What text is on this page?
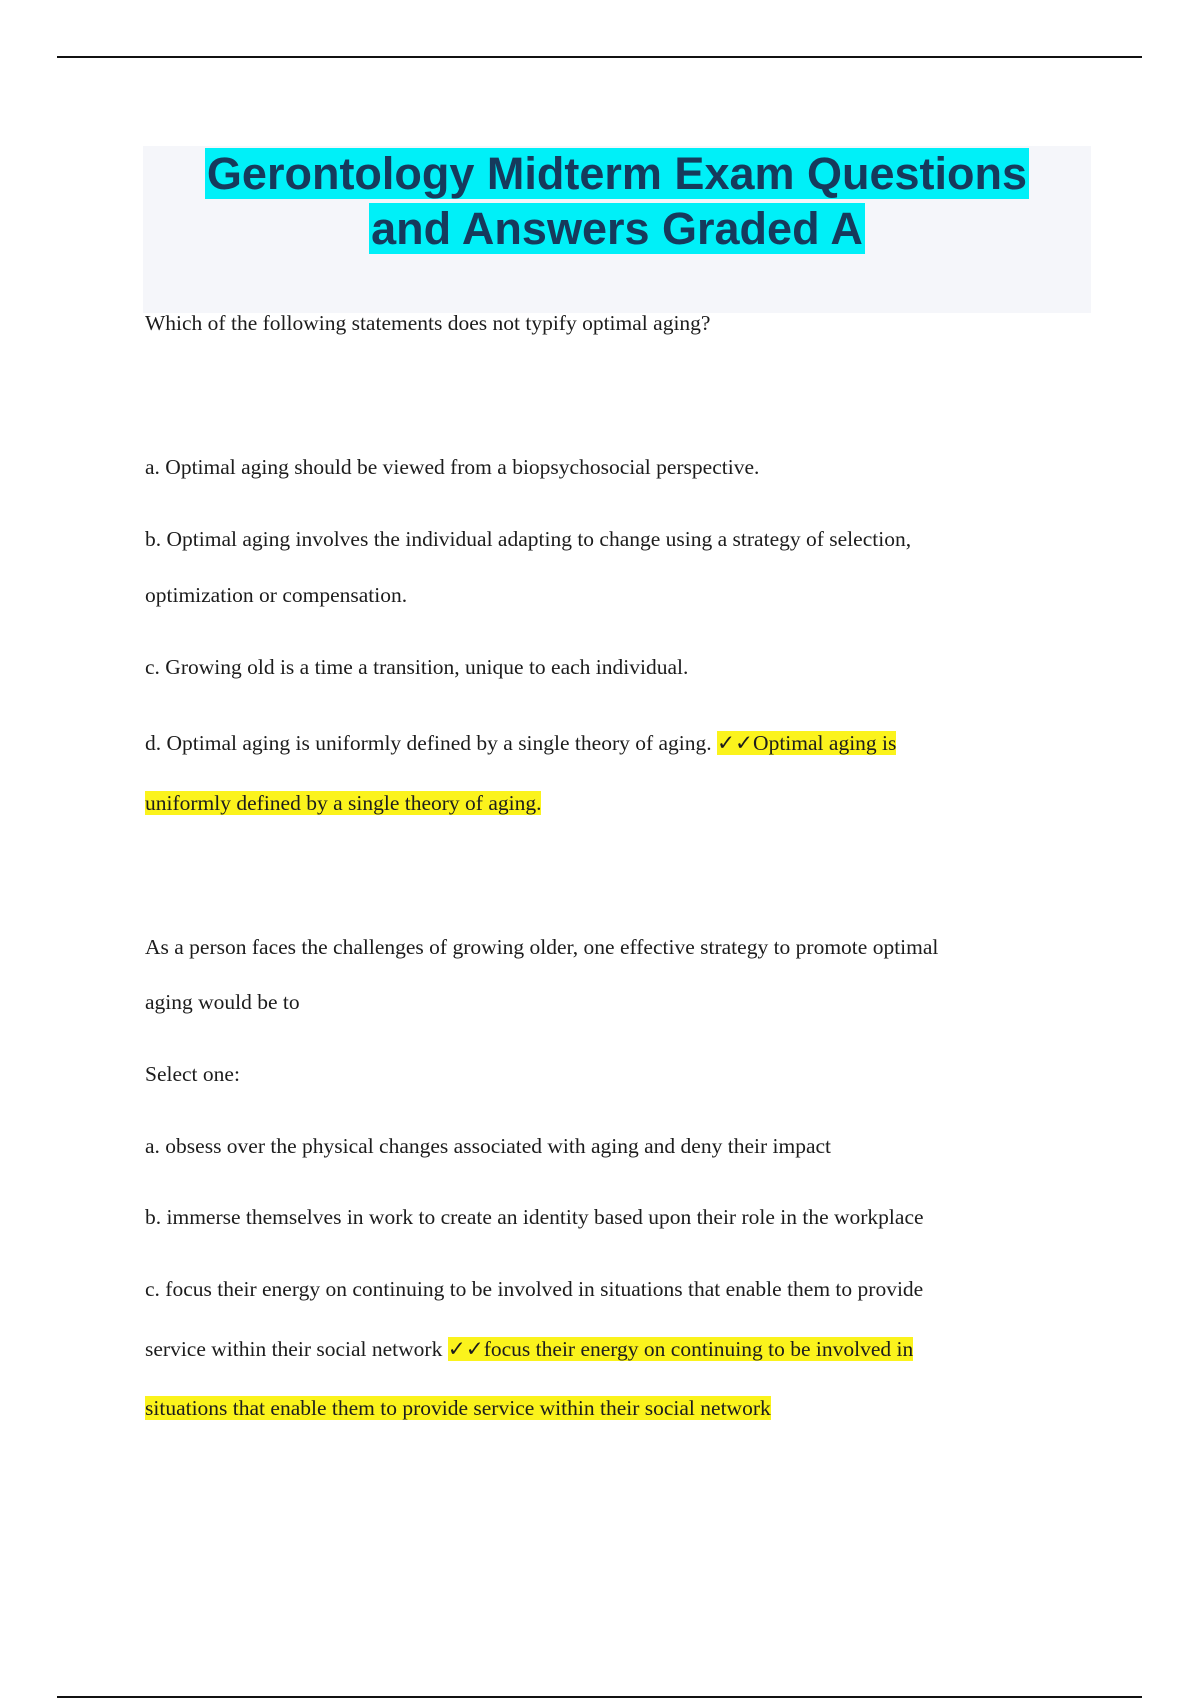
Gerontology Midterm Exam Questions
and Answers Graded A

Which of the following statements does not typify optimal aging?

a. Optimal aging should be viewed from a biopsychosocial perspective.

b. Optimal aging involves the individual adapting to change using a strategy of selection,

optimization or compensation.

c. Growing old is a time a transition, unique to each individual.

d. Optimal aging is uniformly defined by a single theory of aging. ✓✓Optimal aging is

uniformly defined by a single theory of aging.

As a person faces the challenges of growing older, one effective strategy to promote optimal

aging would be to

Select one:

a. obsess over the physical changes associated with aging and deny their impact

b. immerse themselves in work to create an identity based upon their role in the workplace

c. focus their energy on continuing to be involved in situations that enable them to provide

service within their social network ✓✓focus their energy on continuing to be involved in

situations that enable them to provide service within their social network
